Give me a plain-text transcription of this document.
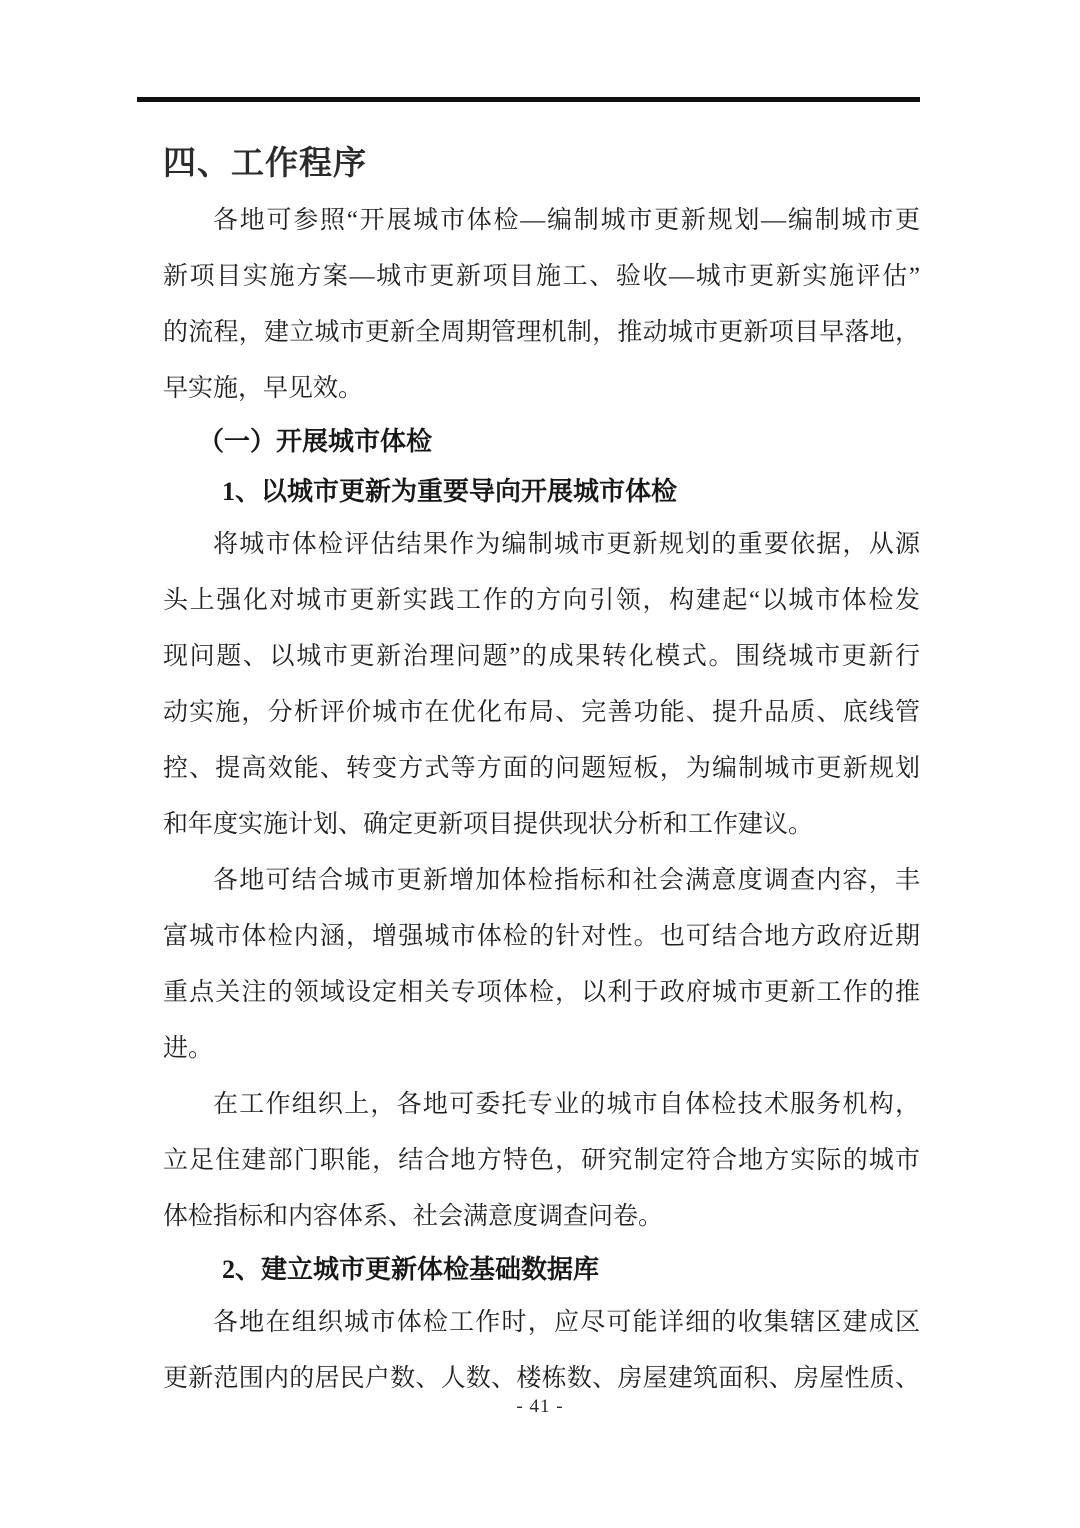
四、工作程序
各地可参照“开展城市体检—编制城市更新规划—编制城市更
新项目实施方案—城市更新项目施工、验收—城市更新实施评估”
的流程，建立城市更新全周期管理机制，推动城市更新项目早落地，
早实施，早见效。
（一）开展城市体检
1、以城市更新为重要导向开展城市体检
将城市体检评估结果作为编制城市更新规划的重要依据，从源
头上强化对城市更新实践工作的方向引领，构建起“以城市体检发
现问题、以城市更新治理问题”的成果转化模式。围绕城市更新行
动实施，分析评价城市在优化布局、完善功能、提升品质、底线管
控、提高效能、转变方式等方面的问题短板，为编制城市更新规划
和年度实施计划、确定更新项目提供现状分析和工作建议。
各地可结合城市更新增加体检指标和社会满意度调查内容，丰
富城市体检内涵，增强城市体检的针对性。也可结合地方政府近期
重点关注的领域设定相关专项体检，以利于政府城市更新工作的推
进。
在工作组织上，各地可委托专业的城市自体检技术服务机构，
立足住建部门职能，结合地方特色，研究制定符合地方实际的城市
体检指标和内容体系、社会满意度调查问卷。
2、建立城市更新体检基础数据库
各地在组织城市体检工作时，应尽可能详细的收集辖区建成区
更新范围内的居民户数、人数、楼栋数、房屋建筑面积、房屋性质、
- 41 -
